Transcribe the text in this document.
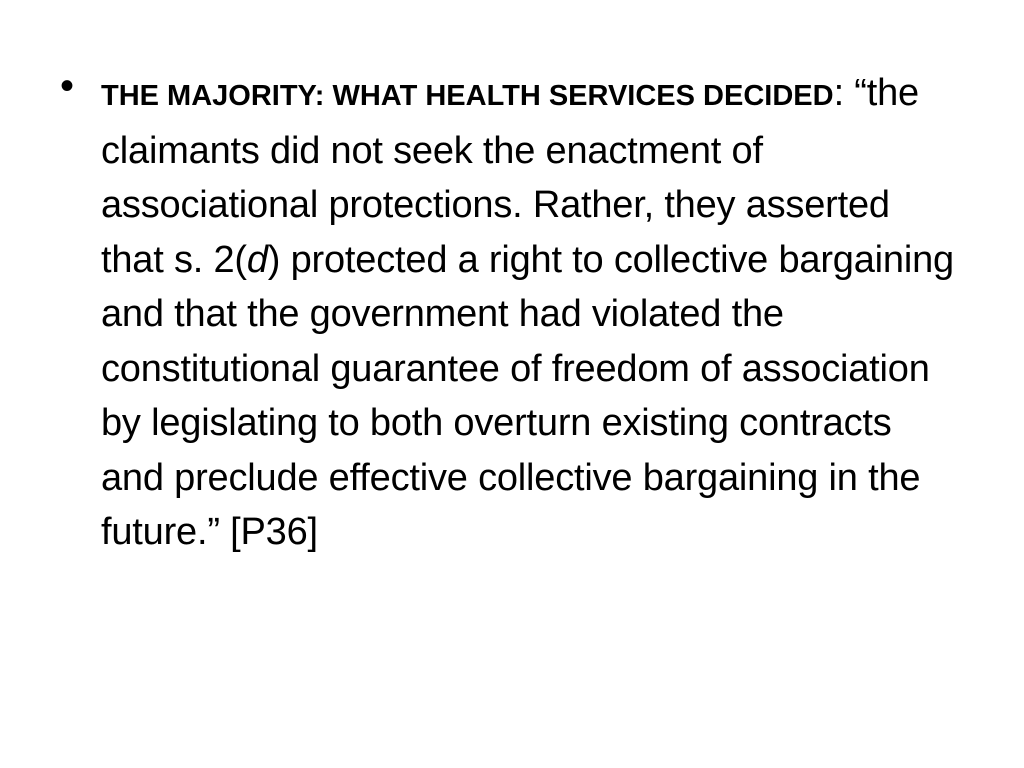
• THE MAJORITY: WHAT HEALTH SERVICES DECIDED: “the claimants did not seek the enactment of associational protections. Rather, they asserted that s. 2(d) protected a right to collective bargaining and that the government had violated the constitutional guarantee of freedom of association by legislating to both overturn existing contracts and preclude effective collective bargaining in the future.” [P36]
